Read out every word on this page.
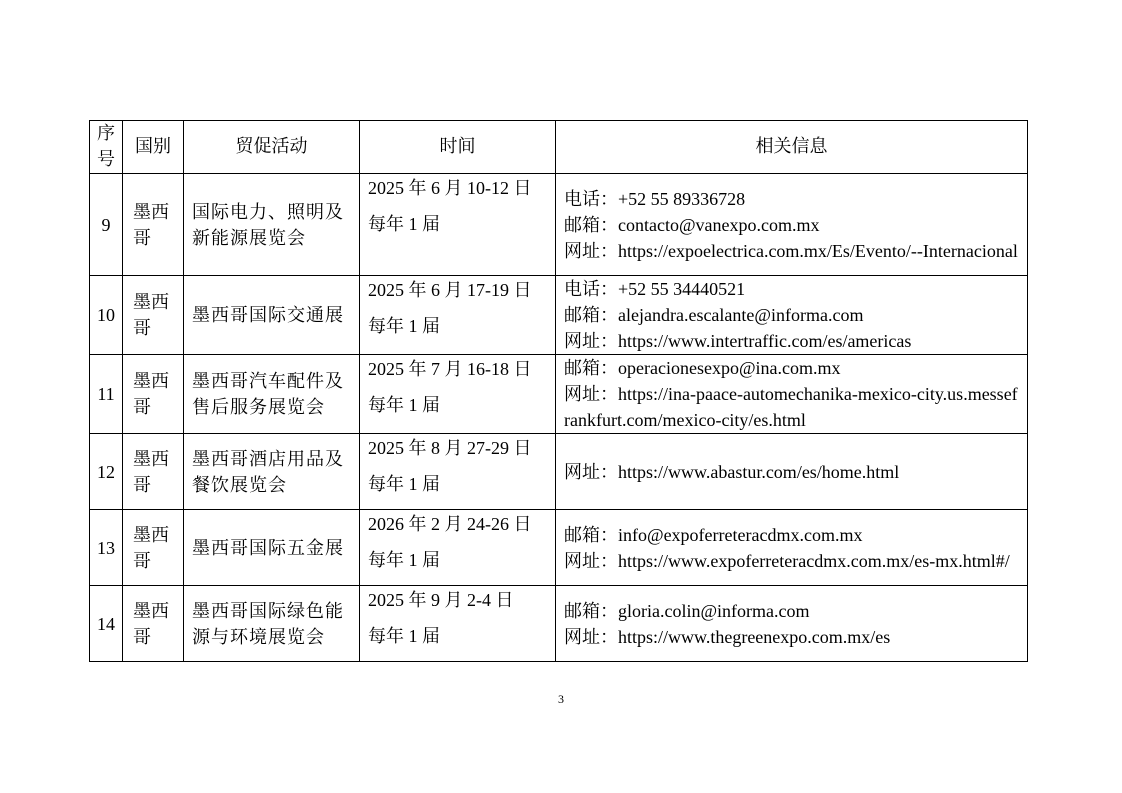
序号	国别	贸促活动	时间	相关信息
9	墨西哥	国际电力、照明及新能源展览会	2025 年 6 月 10-12 日
每年 1 届	电话：+52 55 89336728
邮箱：contacto@vanexpo.com.mx
网址：https://expoelectrica.com.mx/Es/Evento/--Internacional

10	墨西哥	墨西哥国际交通展	2025 年 6 月 17-19 日
每年 1 届	电话：+52 55 34440521
邮箱：alejandra.escalante@informa.com
网址：https://www.intertraffic.com/es/americas

11	墨西哥	墨西哥汽车配件及售后服务展览会	2025 年 7 月 16-18 日
每年 1 届	邮箱：operacionesexpo@ina.com.mx
网址：https://ina-paace-automechanika-mexico-city.us.messefrankfurt.com/mexico-city/es.html

12	墨西哥	墨西哥酒店用品及餐饮展览会	2025 年 8 月 27-29 日
每年 1 届	网址：https://www.abastur.com/es/home.html

13	墨西哥	墨西哥国际五金展	2026 年 2 月 24-26 日
每年 1 届	邮箱：info@expoferreteracdmx.com.mx
网址：https://www.expoferreteracdmx.com.mx/es-mx.html#/

14	墨西哥	墨西哥国际绿色能源与环境展览会	2025 年 9 月 2-4 日
每年 1 届	邮箱：gloria.colin@informa.com
网址：https://www.thegreenexpo.com.mx/es
3
